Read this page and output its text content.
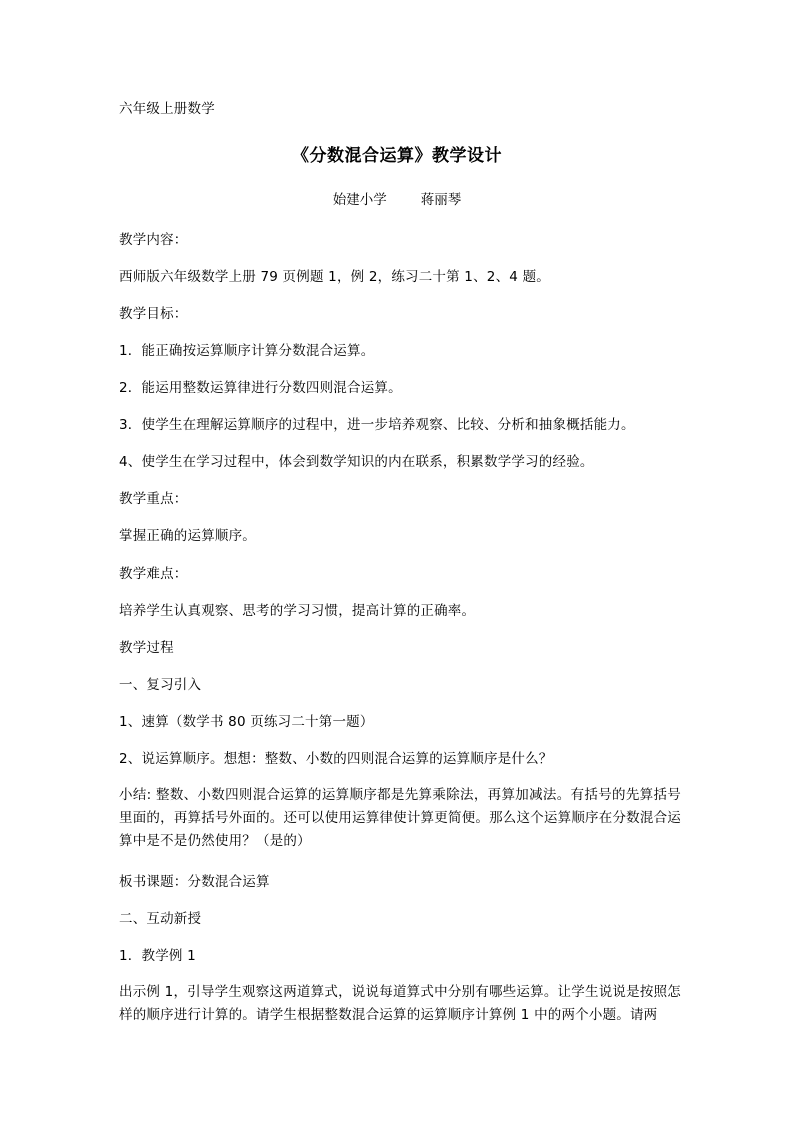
六年级上册数学
《分数混合运算》教学设计
始建小学	蒋丽琴
教学内容：
西师版六年级数学上册 79 页例题 1，例 2，练习二十第 1、2、4 题。
教学目标：
1．能正确按运算顺序计算分数混合运算。
2．能运用整数运算律进行分数四则混合运算。
3．使学生在理解运算顺序的过程中，进一步培养观察、比较、分析和抽象概括能力。
4、使学生在学习过程中，体会到数学知识的内在联系，积累数学学习的经验。
教学重点：
掌握正确的运算顺序。
教学难点：
培养学生认真观察、思考的学习习惯，提高计算的正确率。
教学过程
一、复习引入
1、速算（数学书 80 页练习二十第一题）
2、说运算顺序。想想：整数、小数的四则混合运算的运算顺序是什么？
小结: 整数、小数四则混合运算的运算顺序都是先算乘除法，再算加减法。有括号的先算括号里面的，再算括号外面的。还可以使用运算律使计算更简便。那么这个运算顺序在分数混合运算中是不是仍然使用？（是的）
板书课题：分数混合运算
二、互动新授
1．教学例 1
出示例 1，引导学生观察这两道算式，说说每道算式中分别有哪些运算。让学生说说是按照怎样的顺序进行计算的。请学生根据整数混合运算的运算顺序计算例 1 中的两个小题。请两
